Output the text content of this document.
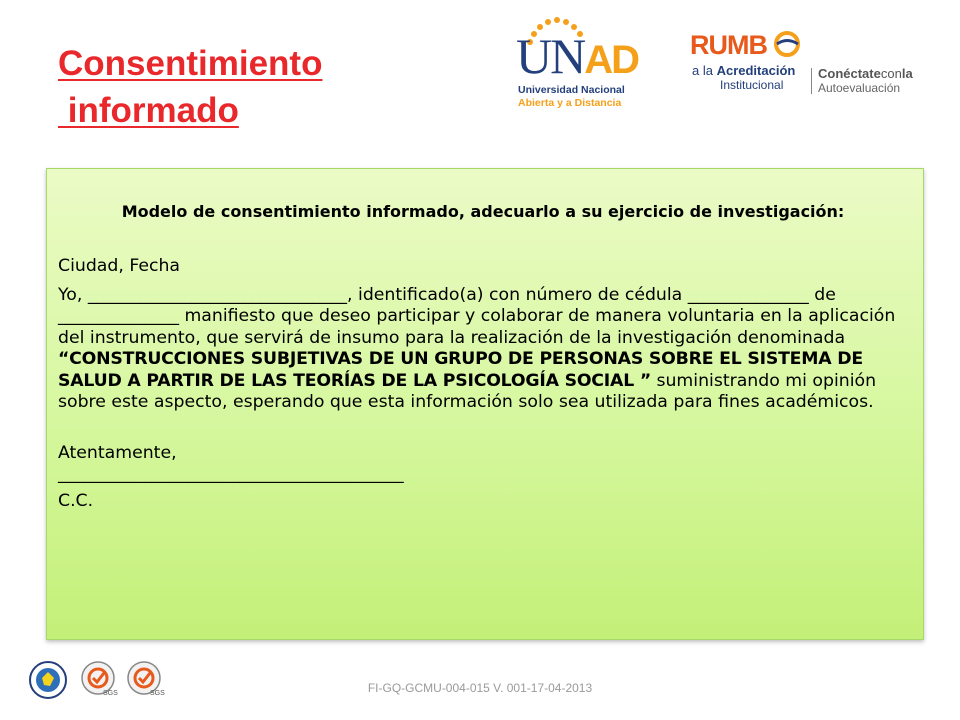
Consentimiento
informado
UNAD
Universidad Nacional
Abierta y a Distancia
RUMB
a la Acreditación
Institucional
Conéctateconla
Autoevaluación

Modelo de consentimiento informado, adecuarlo a su ejercicio de investigación:

Ciudad, Fecha

Yo, ______________________________, identificado(a) con número de cédula ______________ de ______________ manifiesto que deseo participar y colaborar de manera voluntaria en la aplicación del instrumento, que servirá de insumo para la realización de la investigación denominada “CONSTRUCCIONES SUBJETIVAS DE UN GRUPO DE PERSONAS SOBRE EL SISTEMA DE SALUD A PARTIR DE LAS TEORÍAS DE LA PSICOLOGÍA SOCIAL ” suministrando mi opinión sobre este aspecto, esperando que esta información solo sea utilizada para fines académicos.

Atentamente,

________________________________________

C.C.

SGS	SGS	FI-GQ-GCMU-004-015 V. 001-17-04-2013
